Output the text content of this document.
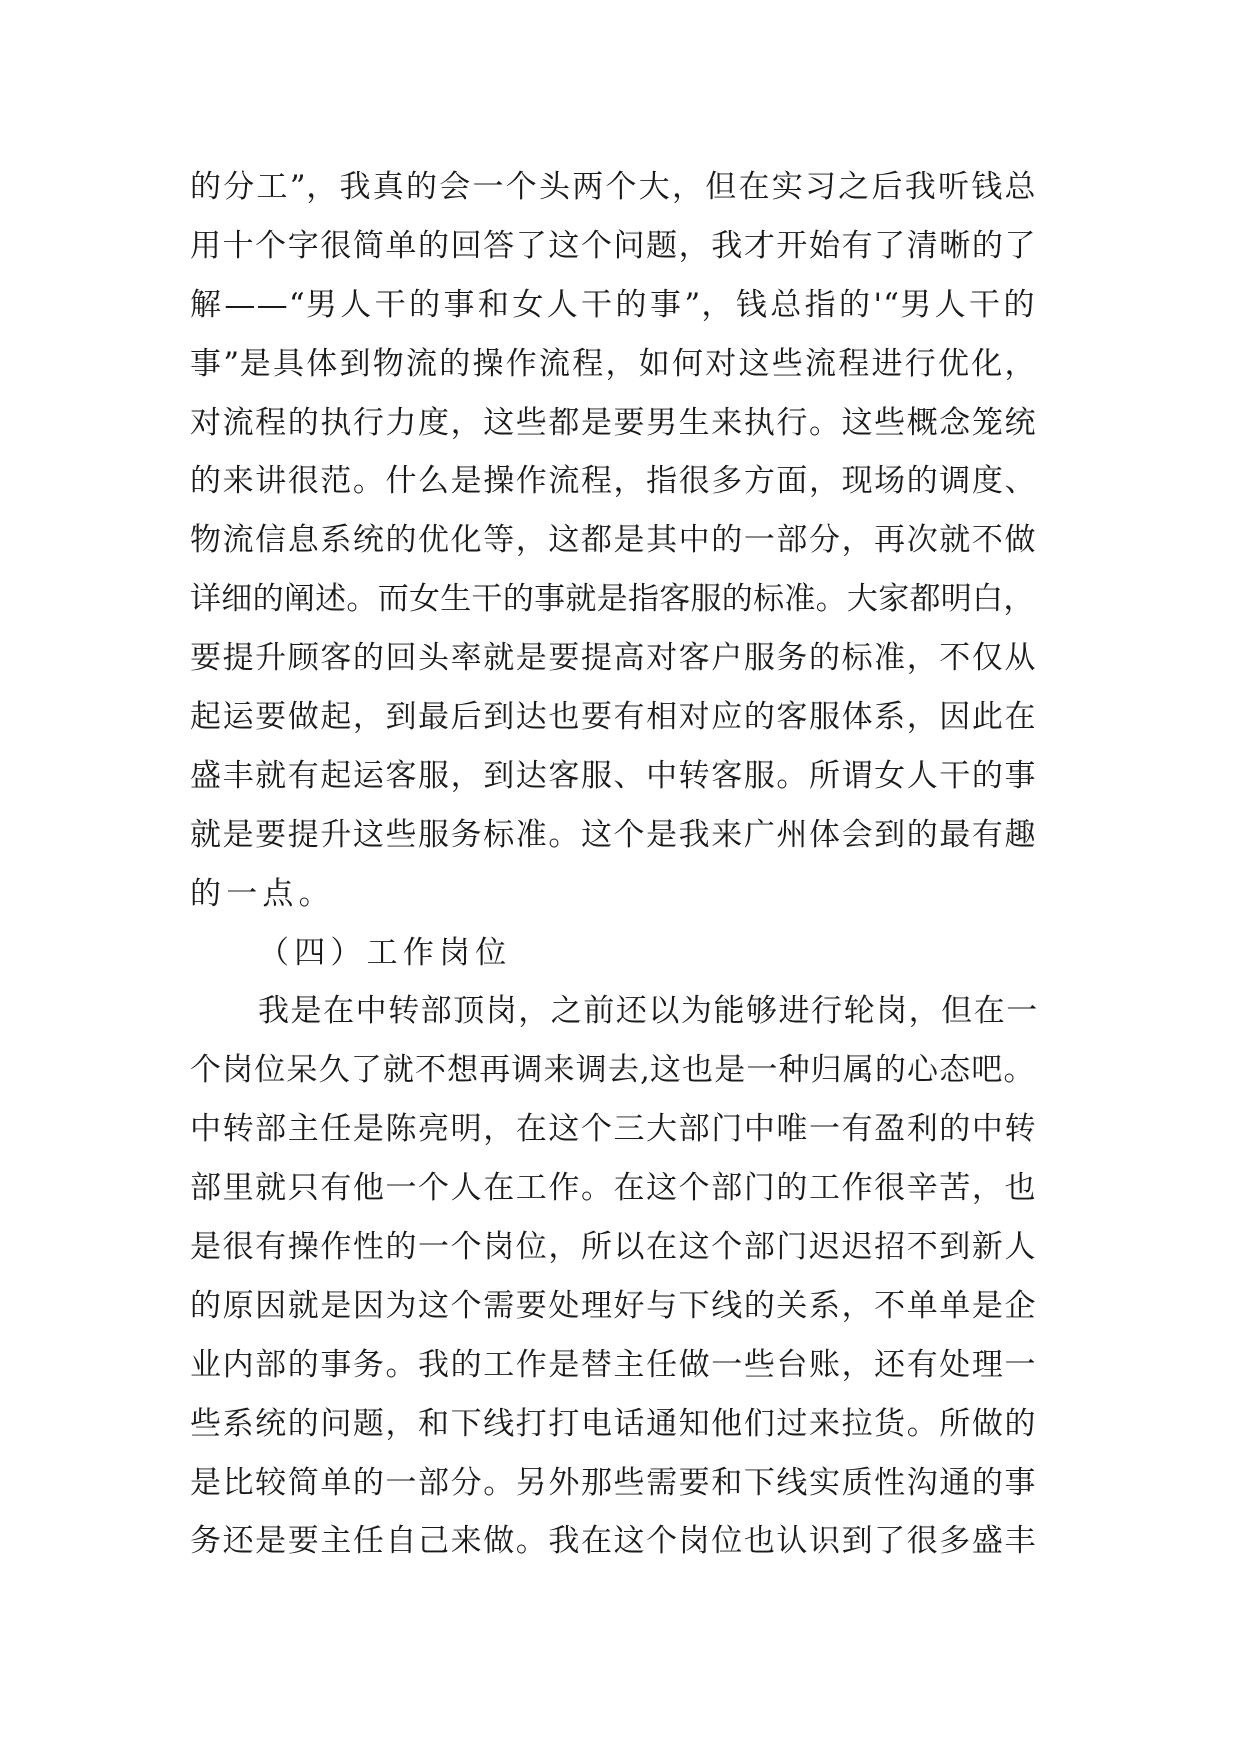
的​ 分​ 工​ ”​ ，​ 我​ 真​ 的​ 会​ 一​ 个​ 头​ 两​ 个​ 大​ ，​ 但​ 在​ 实​ 习​ 之​ 后​ 我​ 听​ 钱​ 总
用​ 十​ 个​ 字​ 很​ 简​ 单​ 的​ 回​ 答​ 了​ 这​ 个​ 问​ 题​ ，​ 我​ 才​ 开​ 始​ 有​ 了​ 清​ 晰​ 的​ 了
解​ —​ —​ “​ 男​ 人​ 干​ 的​ 事​ 和​ 女​ 人​ 干​ 的​ 事​ ”​ ，​ 钱​ 总​ 指​ 的​ '​ “​ 男​ 人​ 干​ 的
事​ ”​ 是​ 具​ 体​ 到​ 物​ 流​ 的​ 操​ 作​ 流​ 程​ ，​ 如​ 何​ 对​ 这​ 些​ 流​ 程​ 进​ 行​ 优​ 化​ ，
对​ 流​ 程​ 的​ 执​ 行​ 力​ 度​ ，​ 这​ 些​ 都​ 是​ 要​ 男​ 生​ 来​ 执​ 行​ 。​ 这​ 些​ 概​ 念​ 笼​ 统
的​ 来​ 讲​ 很​ 范​ 。​ 什​ 么​ 是​ 操​ 作​ 流​ 程​ ，​ 指​ 很​ 多​ 方​ 面​ ，​ 现​ 场​ 的​ 调​ 度​ 、
物​ 流​ 信​ 息​ 系​ 统​ 的​ 优​ 化​ 等​ ，​ 这​ 都​ 是​ 其​ 中​ 的​ 一​ 部​ 分​ ，​ 再​ 次​ 就​ 不​ 做
详细的阐述。而女生干的事就是指客服的标准。大家都明白，
要​ 提​ 升​ 顾​ 客​ 的​ 回​ 头​ 率​ 就​ 是​ 要​ 提​ 高​ 对​ 客​ 户​ 服​ 务​ 的​ 标​ 准​ ，​ 不​ 仅​ 从
起​ 运​ 要​ 做​ 起​ ，​ 到​ 最​ 后​ 到​ 达​ 也​ 要​ 有​ 相​ 对​ 应​ 的​ 客​ 服​ 体​ 系​ ，​ 因​ 此​ 在
盛​ 丰​ 就​ 有​ 起​ 运​ 客​ 服​ ，​ 到​ 达​ 客​ 服​ 、​ 中​ 转​ 客​ 服​ 。​ 所​ 谓​ 女​ 人​ 干​ 的​ 事
就​ 是​ 要​ 提​ 升​ 这​ 些​ 服​ 务​ 标​ 准​ 。​ 这​ 个​ 是​ 我​ 来​ 广​ 州​ 体​ 会​ 到​ 的​ 最​ 有​ 趣
的一点。
（四）工作岗位
我​ 是​ 在​ 中​ 转​ 部​ 顶​ 岗​ ，​ 之​ 前​ 还​ 以​ 为​ 能​ 够​ 进​ 行​ 轮​ 岗​ ，​ 但​ 在​ 一
个​ 岗​ 位​ 呆​ 久​ 了​ 就​ 不​ 想​ 再​ 调​ 来​ 调​ 去​ ,​ 这​ 也​ 是​ 一​ 种​ 归​ 属​ 的​ 心​ 态​ 吧​ 。
中​ 转​ 部​ 主​ 任​ 是​ 陈​ 亮​ 明​ ，​ 在​ 这​ 个​ 三​ 大​ 部​ 门​ 中​ 唯​ 一​ 有​ 盈​ 利​ 的​ 中​ 转
部​ 里​ 就​ 只​ 有​ 他​ 一​ 个​ 人​ 在​ 工​ 作​ 。​ 在​ 这​ 个​ 部​ 门​ 的​ 工​ 作​ 很​ 辛​ 苦​ ，​ 也
是​ 很​ 有​ 操​ 作​ 性​ 的​ 一​ 个​ 岗​ 位​ ，​ 所​ 以​ 在​ 这​ 个​ 部​ 门​ 迟​ 迟​ 招​ 不​ 到​ 新​ 人
的​ 原​ 因​ 就​ 是​ 因​ 为​ 这​ 个​ 需​ 要​ 处​ 理​ 好​ 与​ 下​ 线​ 的​ 关​ 系​ ，​ 不​ 单​ 单​ 是​ 企
业​ 内​ 部​ 的​ 事​ 务​ 。​ 我​ 的​ 工​ 作​ 是​ 替​ 主​ 任​ 做​ 一​ 些​ 台​ 账​ ，​ 还​ 有​ 处​ 理​ 一
些​ 系​ 统​ 的​ 问​ 题​ ，​ 和​ 下​ 线​ 打​ 打​ 电​ 话​ 通​ 知​ 他​ 们​ 过​ 来​ 拉​ 货​ 。​ 所​ 做​ 的
是​ 比​ 较​ 简​ 单​ 的​ 一​ 部​ 分​ 。​ 另​ 外​ 那​ 些​ 需​ 要​ 和​ 下​ 线​ 实​ 质​ 性​ 沟​ 通​ 的​ 事
务​ 还​ 是​ 要​ 主​ 任​ 自​ 己​ 来​ 做​ 。​ 我​ 在​ 这​ 个​ 岗​ 位​ 也​ 认​ 识​ 到​ 了​ 很​ 多​ 盛​ 丰
